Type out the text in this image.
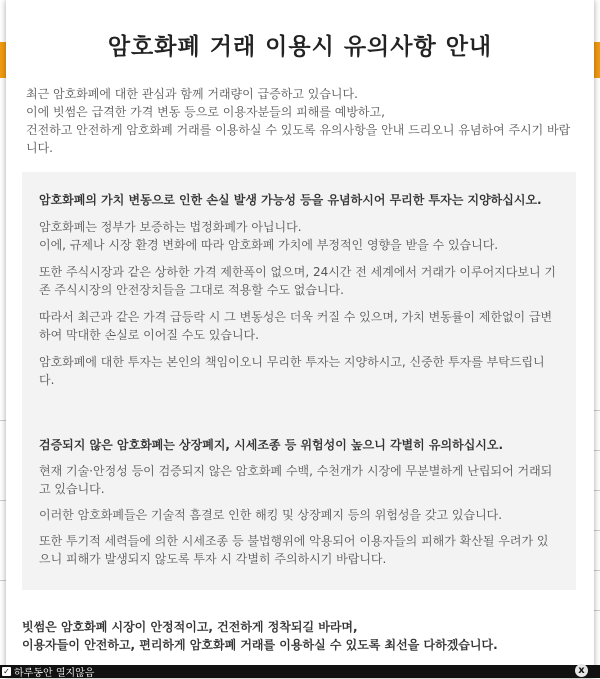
암호화폐 거래 이용시 유의사항 안내

최근 암호화폐에 대한 관심과 함께 거래량이 급증하고 있습니다.

이에 빗썸은 급격한 가격 변동 등으로 이용자분들의 피해를 예방하고,

건전하고 안전하게 암호화폐 거래를 이용하실 수 있도록 유의사항을 안내 드리오니 유념하여 주시기 바랍니다.

암호화폐의 가치 변동으로 인한 손실 발생 가능성 등을 유념하시어 무리한 투자는 지양하십시오.

암호화폐는 정부가 보증하는 법정화폐가 아닙니다.
이에, 규제나 시장 환경 변화에 따라 암호화폐 가치에 부정적인 영향을 받을 수 있습니다.

또한 주식시장과 같은 상하한 가격 제한폭이 없으며, 24시간 전 세계에서 거래가 이루어지다보니 기존 주식시장의 안전장치들을 그대로 적용할 수도 없습니다.

따라서 최근과 같은 가격 급등락 시 그 변동성은 더욱 커질 수 있으며, 가치 변동률이 제한없이 급변하여 막대한 손실로 이어질 수도 있습니다.

암호화폐에 대한 투자는 본인의 책임이오니 무리한 투자는 지양하시고, 신중한 투자를 부탁드립니다.

검증되지 않은 암호화폐는 상장폐지, 시세조종 등 위험성이 높으니 각별히 유의하십시오.

현재 기술·안정성 등이 검증되지 않은 암호화폐 수백, 수천개가 시장에 무분별하게 난립되어 거래되고 있습니다.

이러한 암호화폐들은 기술적 흠결로 인한 해킹 및 상장폐지 등의 위험성을 갖고 있습니다.

또한 투기적 세력들에 의한 시세조종 등 불법행위에 악용되어 이용자들의 피해가 확산될 우려가 있으니 피해가 발생되지 않도록 투자 시 각별히 주의하시기 바랍니다.

빗썸은 암호화폐 시장이 안정적이고, 건전하게 정착되길 바라며,

이용자들이 안전하고, 편리하게 암호화폐 거래를 이용하실 수 있도록 최선을 다하겠습니다.

✓ 하루동안 열지않음	x
